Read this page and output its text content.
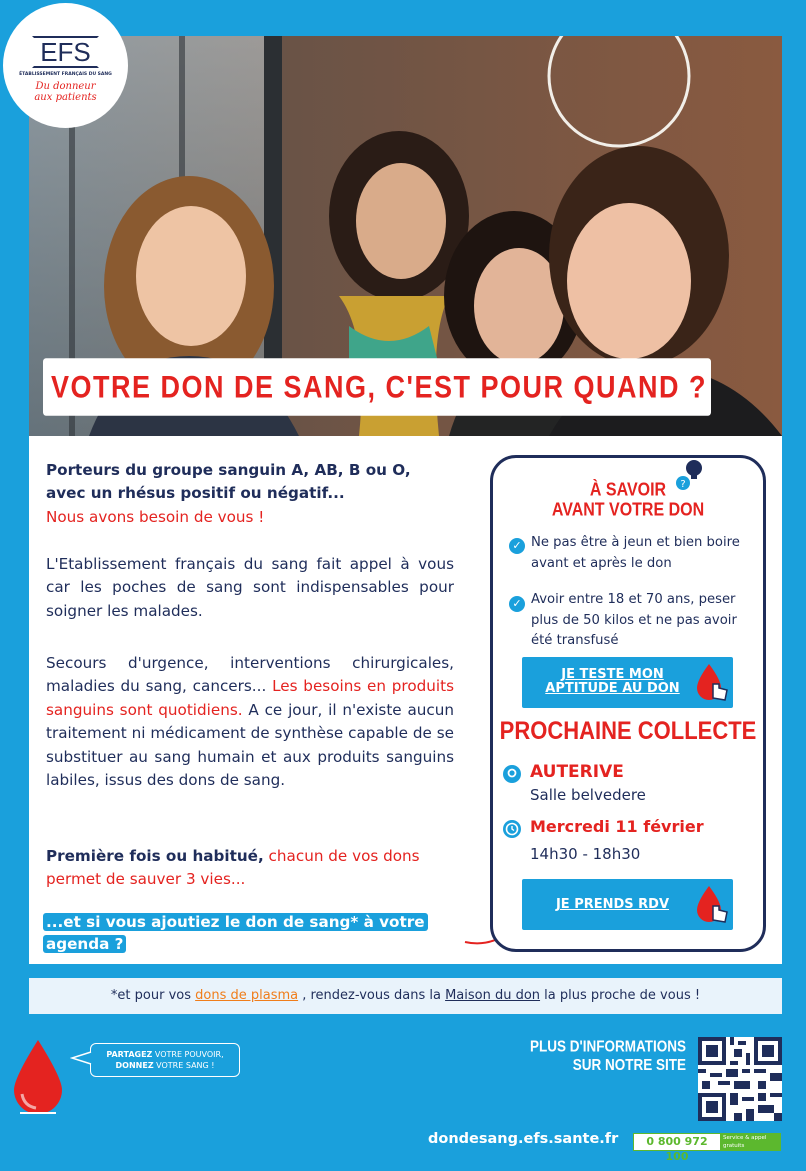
EFS
ÉTABLISSEMENT FRANÇAIS DU SANG
Du donneur aux patients
VOTRE DON DE SANG, C'EST POUR QUAND ?
Porteurs du groupe sanguin A, AB, B ou O, avec un rhésus positif ou négatif...
Nous avons besoin de vous !
L'Etablissement français du sang fait appel à vous car les poches de sang sont indispensables pour soigner les malades.
Secours d'urgence, interventions chirurgicales, maladies du sang, cancers... Les besoins en produits sanguins sont quotidiens. A ce jour, il n'existe aucun traitement ni médicament de synthèse capable de se substituer au sang humain et aux produits sanguins labiles, issus des dons de sang.
Première fois ou habitué, chacun de vos dons permet de sauver 3 vies...
...et si vous ajoutiez le don de sang* à votre
agenda ?
?
À SAVOIR
AVANT VOTRE DON
✓ Ne pas être à jeun et bien boire avant et après le don
✓ Avoir entre 18 et 70 ans, peser plus de 50 kilos et ne pas avoir été transfusé
JE TESTE MON
APTITUDE AU DON
PROCHAINE COLLECTE
AUTERIVE
Salle belvedere
Mercredi 11 février
14h30 - 18h30
JE PRENDS RDV
*et pour vos dons de plasma , rendez-vous dans la Maison du don la plus proche de vous !
PARTAGEZ VOTRE POUVOIR,
DONNEZ VOTRE SANG !
PLUS D'INFORMATIONS
SUR NOTRE SITE
dondesang.efs.sante.fr	0 800 972 100
Service & appel gratuits
